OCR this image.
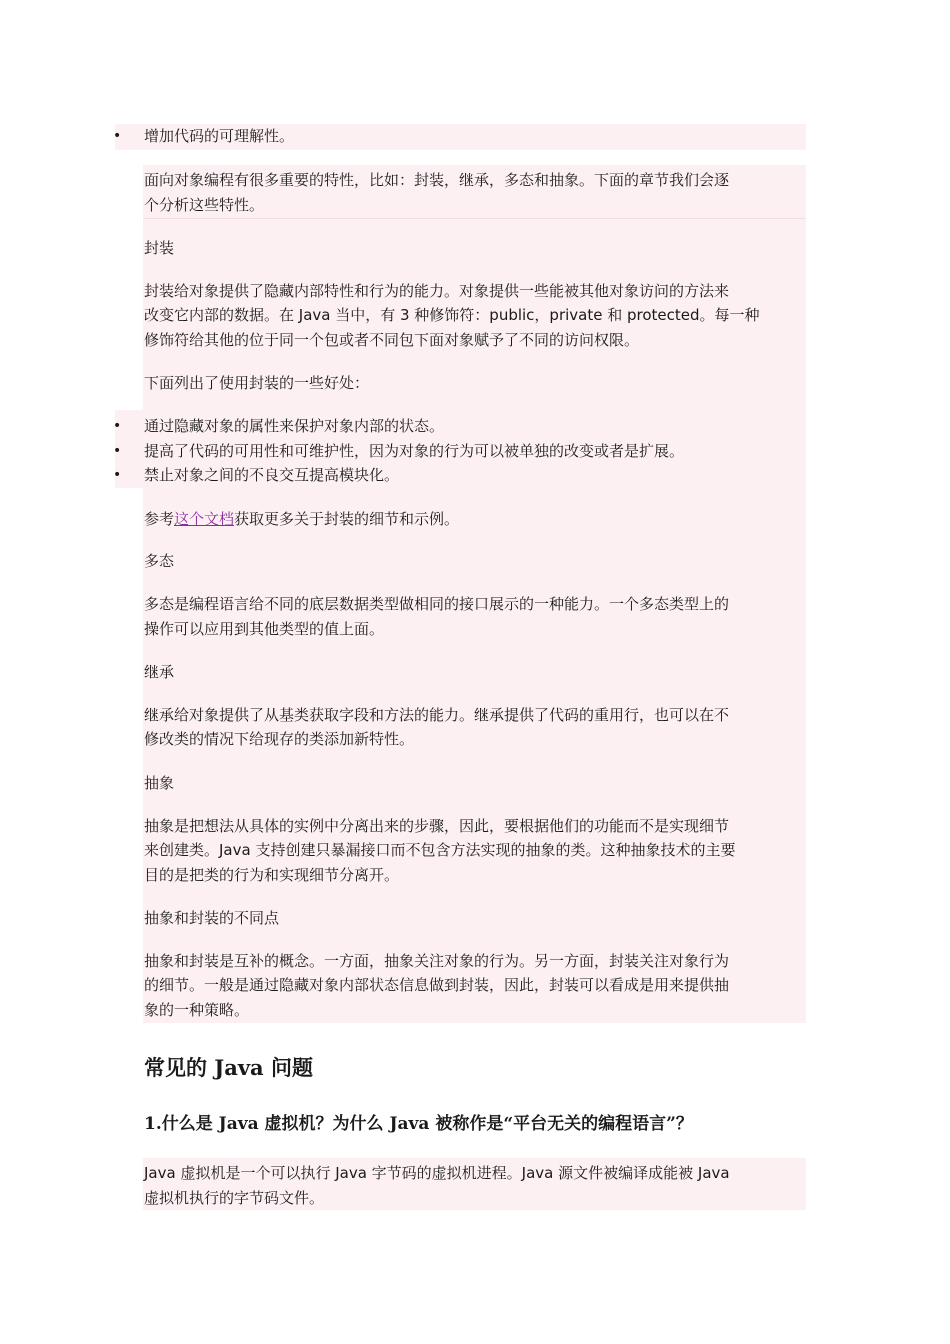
• 增加代码的可理解性。
面向对象编程有很多重要的特性，比如：封装，继承，多态和抽象。下面的章节我们会逐
个分析这些特性。
封装
封装给对象提供了隐藏内部特性和行为的能力。对象提供一些能被其他对象访问的方法来
改变它内部的数据。在 Java 当中，有 3 种修饰符：public，private 和 protected。每一种
修饰符给其他的位于同一个包或者不同包下面对象赋予了不同的访问权限。
下面列出了使用封装的一些好处：
• 通过隐藏对象的属性来保护对象内部的状态。
• 提高了代码的可用性和可维护性，因为对象的行为可以被单独的改变或者是扩展。
• 禁止对象之间的不良交互提高模块化。
参考这个文档获取更多关于封装的细节和示例。
多态
多态是编程语言给不同的底层数据类型做相同的接口展示的一种能力。一个多态类型上的
操作可以应用到其他类型的值上面。
继承
继承给对象提供了从基类获取字段和方法的能力。继承提供了代码的重用行，也可以在不
修改类的情况下给现存的类添加新特性。
抽象
抽象是把想法从具体的实例中分离出来的步骤，因此，要根据他们的功能而不是实现细节
来创建类。Java 支持创建只暴漏接口而不包含方法实现的抽象的类。这种抽象技术的主要
目的是把类的行为和实现细节分离开。
抽象和封装的不同点
抽象和封装是互补的概念。一方面，抽象关注对象的行为。另一方面，封装关注对象行为
的细节。一般是通过隐藏对象内部状态信息做到封装，因此，封装可以看成是用来提供抽
象的一种策略。
常见的 Java 问题
1.什么是 Java 虚拟机？为什么 Java 被称作是“平台无关的编程语言”？
Java 虚拟机是一个可以执行 Java 字节码的虚拟机进程。Java 源文件被编译成能被 Java
虚拟机执行的字节码文件。
